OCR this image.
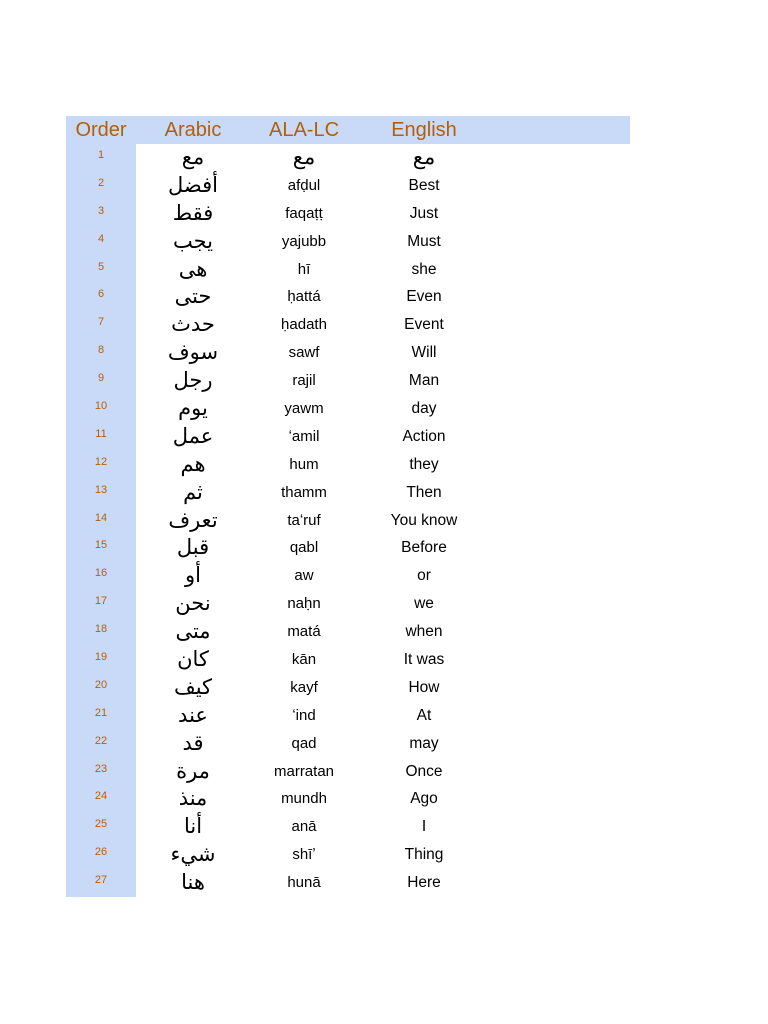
Order	Arabic	ALA-LC	English
1	مع	مع	مع
2	أفضل	afḍul	Best
3	فقط	faqaṭṭ	Just
4	يجب	yajubb	Must
5	هى	hī	she
6	حتى	ḥattá	Even
7	حدث	ḥadath	Event
8	سوف	sawf	Will
9	رجل	rajil	Man
10	يوم	yawm	day
11	عمل	ʻamil	Action
12	هم	hum	they
13	ثم	thamm	Then
14	تعرف	taʻruf	You know
15	قبل	qabl	Before
16	أو	aw	or
17	نحن	naḥn	we
18	متى	matá	when
19	كان	kān	It was
20	كيف	kayf	How
21	عند	ʻind	At
22	قد	qad	may
23	مرة	marratan	Once
24	منذ	mundh	Ago
25	أنا	anā	I
26	شيء	shīʼ	Thing
27	هنا	hunā	Here
